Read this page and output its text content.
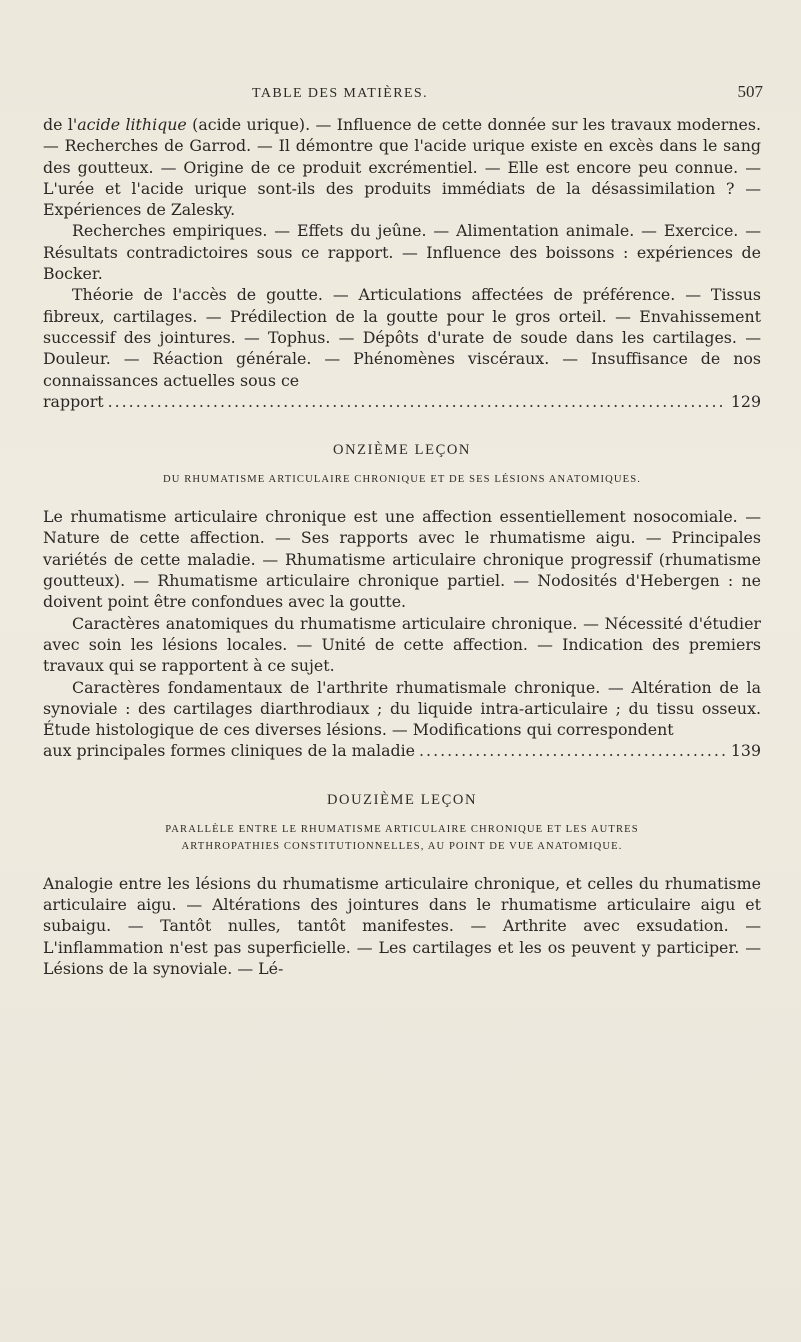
TABLE DES MATIÈRES.	507

de l'acide lithique (acide urique). — Influence de cette donnée sur les travaux modernes. — Recherches de Garrod. — Il démontre que l'acide urique existe en excès dans le sang des goutteux. — Origine de ce produit excrémentiel. — Elle est encore peu connue. — L'urée et l'acide urique sont-ils des produits immédiats de la désassimilation ? — Expériences de Zalesky.

Recherches empiriques. — Effets du jeûne. — Alimentation animale. — Exercice. — Résultats contradictoires sous ce rapport. — Influence des boissons : expériences de Bocker.

Théorie de l'accès de goutte. — Articulations affectées de préférence. — Tissus fibreux, cartilages. — Prédilection de la goutte pour le gros orteil. — Envahissement successif des jointures. — Tophus. — Dépôts d'urate de soude dans les cartilages. — Douleur. — Réaction générale. — Phénomènes viscéraux. — Insuffisance de nos connaissances actuelles sous ce

rapport .....	129

ONZIÈME LEÇON

DU RHUMATISME ARTICULAIRE CHRONIQUE ET DE SES LÉSIONS ANATOMIQUES.

Le rhumatisme articulaire chronique est une affection essentiellement nosocomiale. — Nature de cette affection. — Ses rapports avec le rhumatisme aigu. — Principales variétés de cette maladie. — Rhumatisme articulaire chronique progressif (rhumatisme goutteux). — Rhumatisme articulaire chronique partiel. — Nodosités d'Hebergen : ne doivent point être confondues avec la goutte.

Caractères anatomiques du rhumatisme articulaire chronique. — Nécessité d'étudier avec soin les lésions locales. — Unité de cette affection. — Indication des premiers travaux qui se rapportent à ce sujet.

Caractères fondamentaux de l'arthrite rhumatismale chronique. — Altération de la synoviale : des cartilages diarthrodiaux ; du liquide intra-articulaire ; du tissu osseux. Étude histologique de ces diverses lésions. — Modifications qui correspondent

aux principales formes cliniques de la maladie .....	139

DOUZIÈME LEÇON

PARALLÈLE ENTRE LE RHUMATISME ARTICULAIRE CHRONIQUE ET LES AUTRES

ARTHROPATHIES CONSTITUTIONNELLES, AU POINT DE VUE ANATOMIQUE.

Analogie entre les lésions du rhumatisme articulaire chronique, et celles du rhumatisme articulaire aigu. — Altérations des jointures dans le rhumatisme articulaire aigu et subaigu. — Tantôt nulles, tantôt manifestes. — Arthrite avec exsudation. — L'inflammation n'est pas superficielle. — Les cartilages et les os peuvent y participer. — Lésions de la synoviale. — Lé-
